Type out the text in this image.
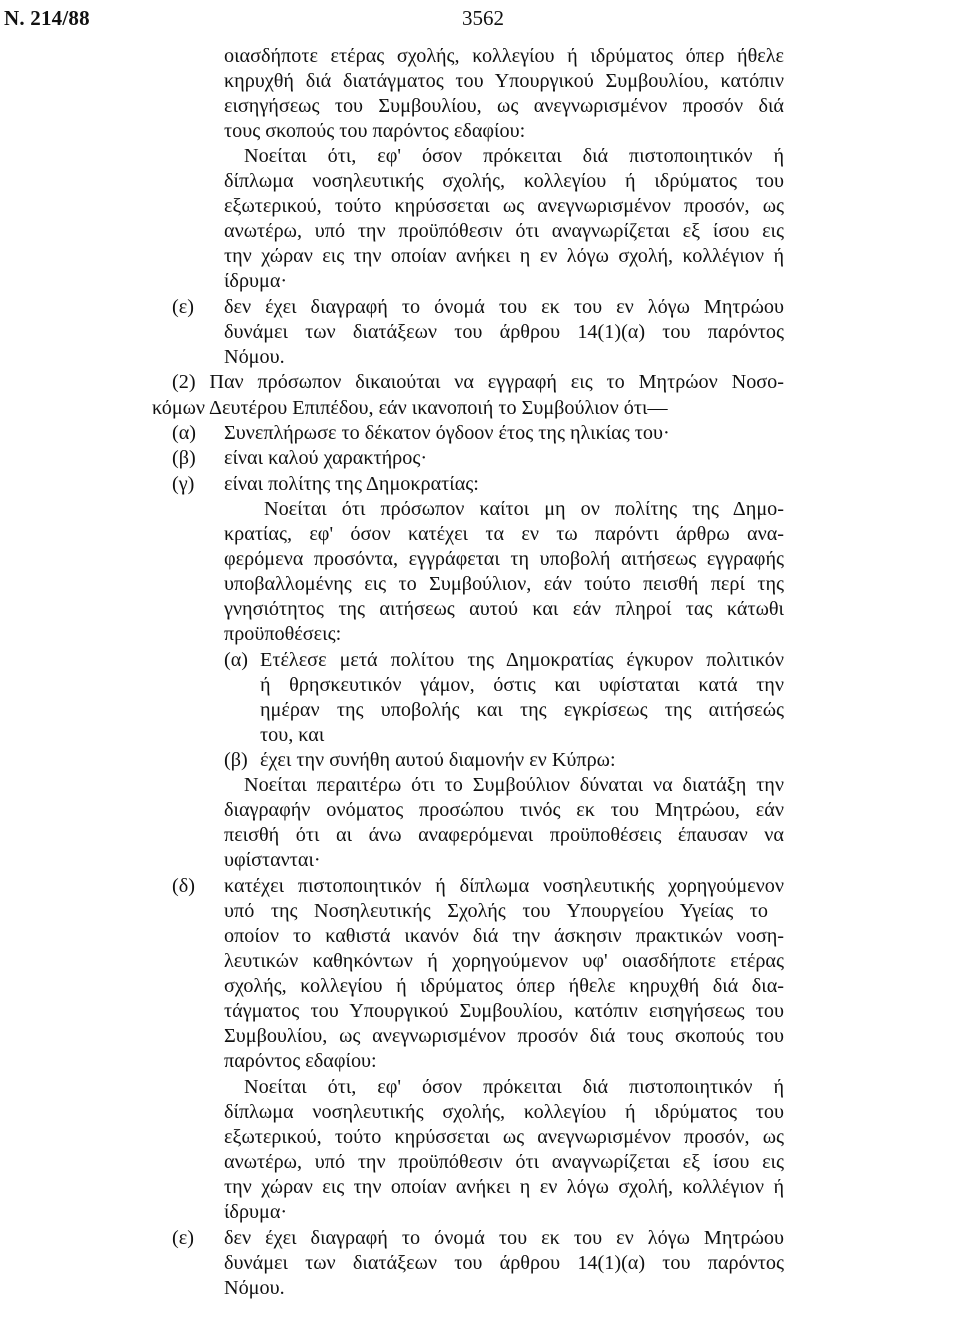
Ν. 214/88	3562
οιασδήποτε ετέρας σχολής, κολλεγίου ή ιδρύματος όπερ ήθελε
κηρυχθή διά διατάγματος του Υπουργικού Συμβουλίου, κατόπιν
εισηγήσεως του Συμβουλίου, ως ανεγνωρισμένον προσόν διά
τους σκοπούς του παρόντος εδαφίου:
Νοείται ότι, εφ' όσον πρόκειται διά πιστοποιητικόν ή
δίπλωμα νοσηλευτικής σχολής, κολλεγίου ή ιδρύματος του
εξωτερικού, τούτο κηρύσσεται ως ανεγνωρισμένον προσόν, ως
ανωτέρω, υπό την προϋπόθεσιν ότι αναγνωρίζεται εξ ίσου εις
την χώραν εις την οποίαν ανήκει η εν λόγω σχολή, κολλέγιον ή
ίδρυμα·
(ε) δεν έχει διαγραφή το όνομά του εκ του εν λόγω Μητρώου
δυνάμει των διατάξεων του άρθρου 14(1)(α) του παρόντος
Νόμου.
(2) Παν πρόσωπον δικαιούται να εγγραφή εις το Μητρώον Νοσο-
κόμων Δευτέρου Επιπέδου, εάν ικανοποιή το Συμβούλιον ότι—
(α) Συνεπλήρωσε το δέκατον όγδοον έτος της ηλικίας του·
(β) είναι καλού χαρακτήρος·
(γ) είναι πολίτης της Δημοκρατίας:
Νοείται ότι πρόσωπον καίτοι μη ον πολίτης της Δημο-
κρατίας, εφ' όσον κατέχει τα εν τω παρόντι άρθρω ανα-
φερόμενα προσόντα, εγγράφεται τη υποβολή αιτήσεως εγγραφής
υποβαλλομένης εις το Συμβούλιον, εάν τούτο πεισθή περί της
γνησιότητος της αιτήσεως αυτού και εάν πληροί τας κάτωθι
προϋποθέσεις:
(α) Ετέλεσε μετά πολίτου της Δημοκρατίας έγκυρον πολιτικόν
ή θρησκευτικόν γάμον, όστις και υφίσταται κατά την
ημέραν της υποβολής και της εγκρίσεως της αιτήσεώς
του, και
(β) έχει την συνήθη αυτού διαμονήν εν Κύπρω:
Νοείται περαιτέρω ότι το Συμβούλιον δύναται να διατάξη την
διαγραφήν ονόματος προσώπου τινός εκ του Μητρώου, εάν
πεισθή ότι αι άνω αναφερόμεναι προϋποθέσεις έπαυσαν να
υφίστανται·
(δ) κατέχει πιστοποιητικόν ή δίπλωμα νοσηλευτικής χορηγούμενον
υπό της Νοσηλευτικής Σχολής του Υπουργείου Υγείας το
οποίον το καθιστά ικανόν διά την άσκησιν πρακτικών νοση-
λευτικών καθηκόντων ή χορηγούμενον υφ' οιασδήποτε ετέρας
σχολής, κολλεγίου ή ιδρύματος όπερ ήθελε κηρυχθή διά δια-
τάγματος του Υπουργικού Συμβουλίου, κατόπιν εισηγήσεως του
Συμβουλίου, ως ανεγνωρισμένον προσόν διά τους σκοπούς του
παρόντος εδαφίου:
Νοείται ότι, εφ' όσον πρόκειται διά πιστοποιητικόν ή
δίπλωμα νοσηλευτικής σχολής, κολλεγίου ή ιδρύματος του
εξωτερικού, τούτο κηρύσσεται ως ανεγνωρισμένον προσόν, ως
ανωτέρω, υπό την προϋπόθεσιν ότι αναγνωρίζεται εξ ίσου εις
την χώραν εις την οποίαν ανήκει η εν λόγω σχολή, κολλέγιον ή
ίδρυμα·
(ε) δεν έχει διαγραφή το όνομά του εκ του εν λόγω Μητρώου
δυνάμει των διατάξεων του άρθρου 14(1)(α) του παρόντος
Νόμου.
